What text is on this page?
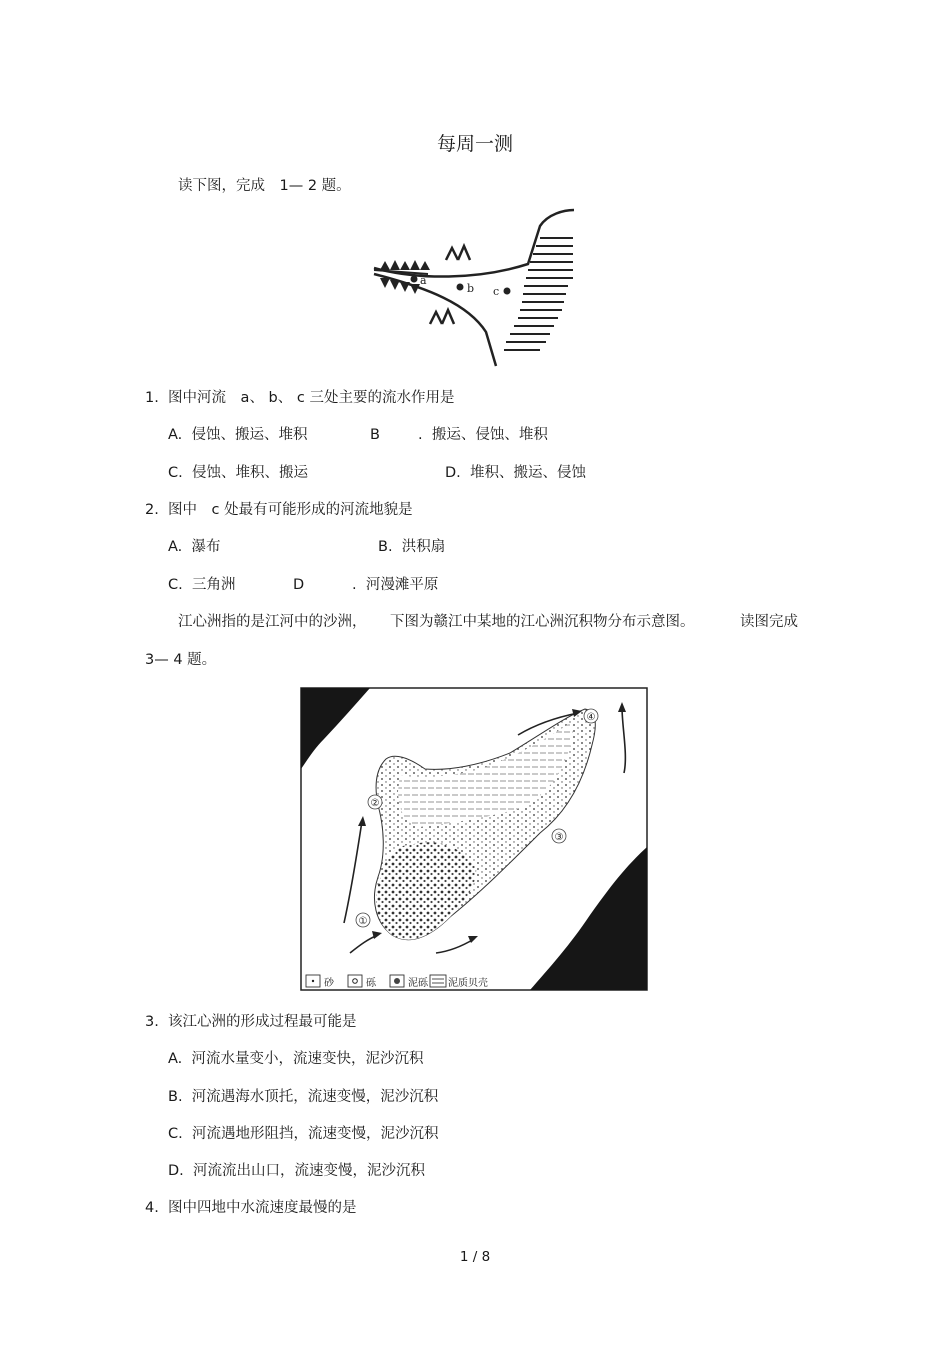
每周一测
读下图，完成　1— 2 题。
a
b c
1.  图中河流　a、 b、 c 三处主要的流水作用是
A.  侵蚀、搬运、堆积	B	.  搬运、侵蚀、堆积
C.  侵蚀、堆积、搬运	D.  堆积、搬运、侵蚀
2.  图中　c 处最有可能形成的河流地貌是
A.  瀑布	B.  洪积扇
C.  三角洲	D	.  河漫滩平原
江心洲指的是江河中的沙洲， 下图为赣江中某地的江心洲沉积物分布示意图。	读图完成
3— 4 题。
①
②
③
④
砂	砾	泥砾 泥质贝壳
3.  该江心洲的形成过程最可能是
A.  河流水量变小，流速变快，泥沙沉积
B.  河流遇海水顶托，流速变慢，泥沙沉积
C.  河流遇地形阻挡，流速变慢，泥沙沉积
D.  河流流出山口，流速变慢，泥沙沉积
4.  图中四地中水流速度最慢的是
1 / 8
